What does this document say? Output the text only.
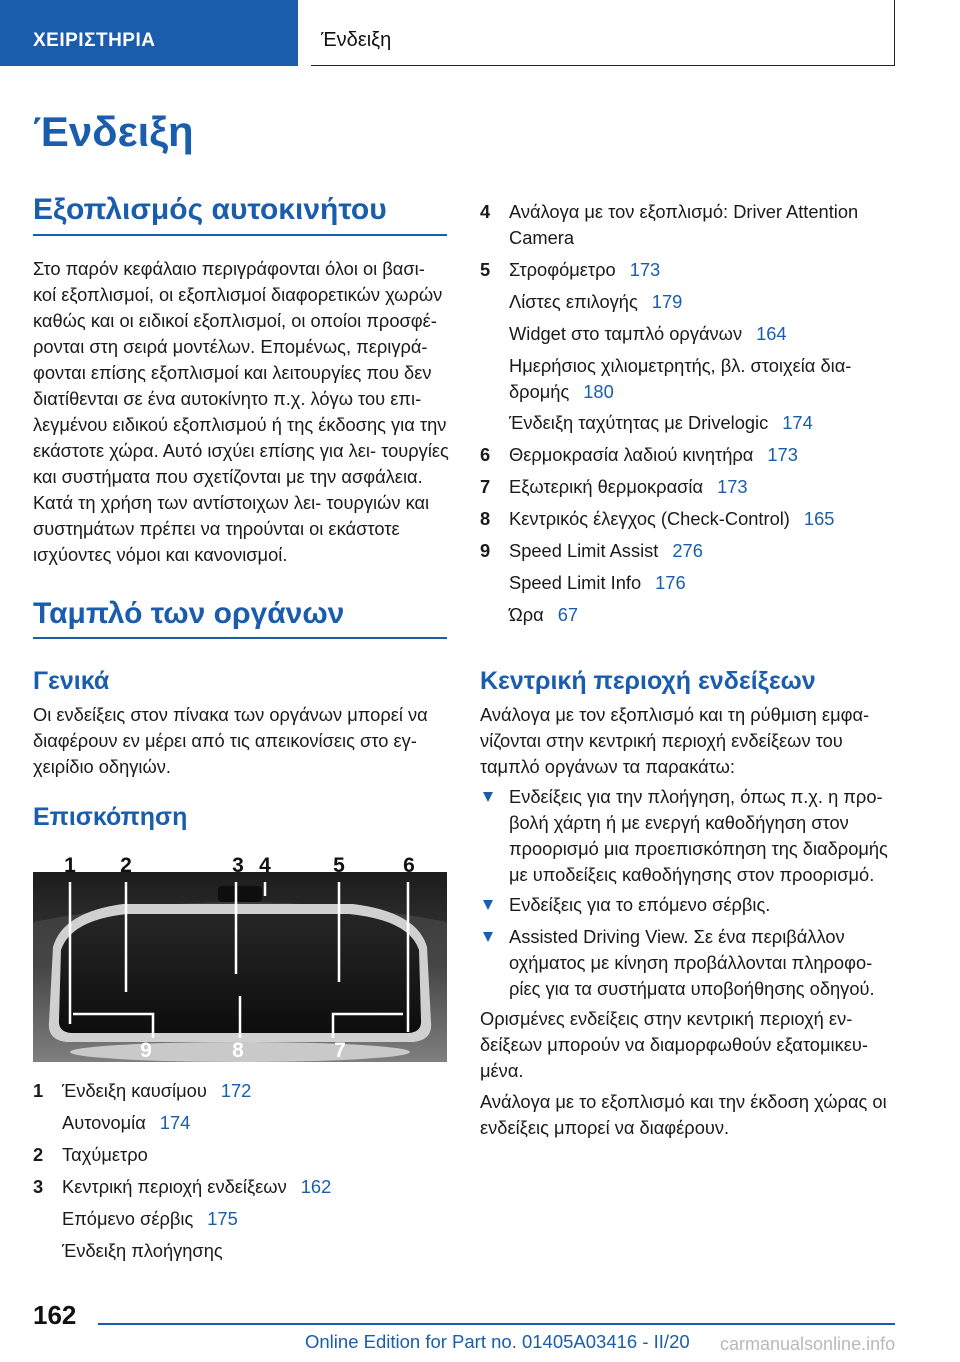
ΧΕΙΡΙΣΤΗΡΙΑ	Ένδειξη
Ένδειξη
Εξοπλισμός αυτοκινήτου
Στο παρόν κεφάλαιο περιγράφονται όλοι οι βασι- κοί εξοπλισμοί, οι εξοπλισμοί διαφορετικών χωρών καθώς και οι ειδικοί εξοπλισμοί, οι οποίοι προσφέ- ρονται στη σειρά μοντέλων. Επομένως, περιγρά- φονται επίσης εξοπλισμοί και λειτουργίες που δεν διατίθενται σε ένα αυτοκίνητο π.χ. λόγω του επι- λεγμένου ειδικού εξοπλισμού ή της έκδοσης για την εκάστοτε χώρα. Αυτό ισχύει επίσης για λει- τουργίες και συστήματα που σχετίζονται με την ασφάλεια. Κατά τη χρήση των αντίστοιχων λει- τουργιών και συστημάτων πρέπει να τηρούνται οι εκάστοτε ισχύοντες νόμοι και κανονισμοί.
Ταμπλό των οργάνων
Γενικά
Οι ενδείξεις στον πίνακα των οργάνων μπορεί να διαφέρουν εν μέρει από τις απεικονίσεις στο εγ- χειρίδιο οδηγιών.
Επισκόπηση
1 2	3 4	5	6
7
8
9
1 Ένδειξη καυσίμου 172
Αυτονομία 174
2 Ταχύμετρο
3 Κεντρική περιοχή ενδείξεων 162
Επόμενο σέρβις 175
Ένδειξη πλοήγησης
4 Ανάλογα με τον εξοπλισμό: Driver Attention Camera
5 Στροφόμετρο 173
Λίστες επιλογής 179
Widget στο ταμπλό οργάνων 164
Ημερήσιος χιλιομετρητής, βλ. στοιχεία δια- δρομής 180
Ένδειξη ταχύτητας με Drivelogic 174
6 Θερμοκρασία λαδιού κινητήρα 173
7 Εξωτερική θερμοκρασία 173
8 Κεντρικός έλεγχος (Check-Control) 165
9 Speed Limit Assist 276
Speed Limit Info 176
Ώρα 67
Κεντρική περιοχή ενδείξεων
Ανάλογα με τον εξοπλισμό και τη ρύθμιση εμφα- νίζονται στην κεντρική περιοχή ενδείξεων του ταμπλό οργάνων τα παρακάτω:
Ενδείξεις για την πλοήγηση, όπως π.χ. η προ- βολή χάρτη ή με ενεργή καθοδήγηση στον προορισμό μια προεπισκόπηση της διαδρομής με υποδείξεις καθοδήγησης στον προορισμό.
Ενδείξεις για το επόμενο σέρβις.
Assisted Driving View. Σε ένα περιβάλλον οχήματος με κίνηση προβάλλονται πληροφο- ρίες για τα συστήματα υποβοήθησης οδηγού.
Ορισμένες ενδείξεις στην κεντρική περιοχή εν- δείξεων μπορούν να διαμορφωθούν εξατομικευ- μένα.
Ανάλογα με το εξοπλισμό και την έκδοση χώρας οι ενδείξεις μπορεί να διαφέρουν.
162
Online Edition for Part no. 01405A03416 - II/20 carmanualsonline.info
